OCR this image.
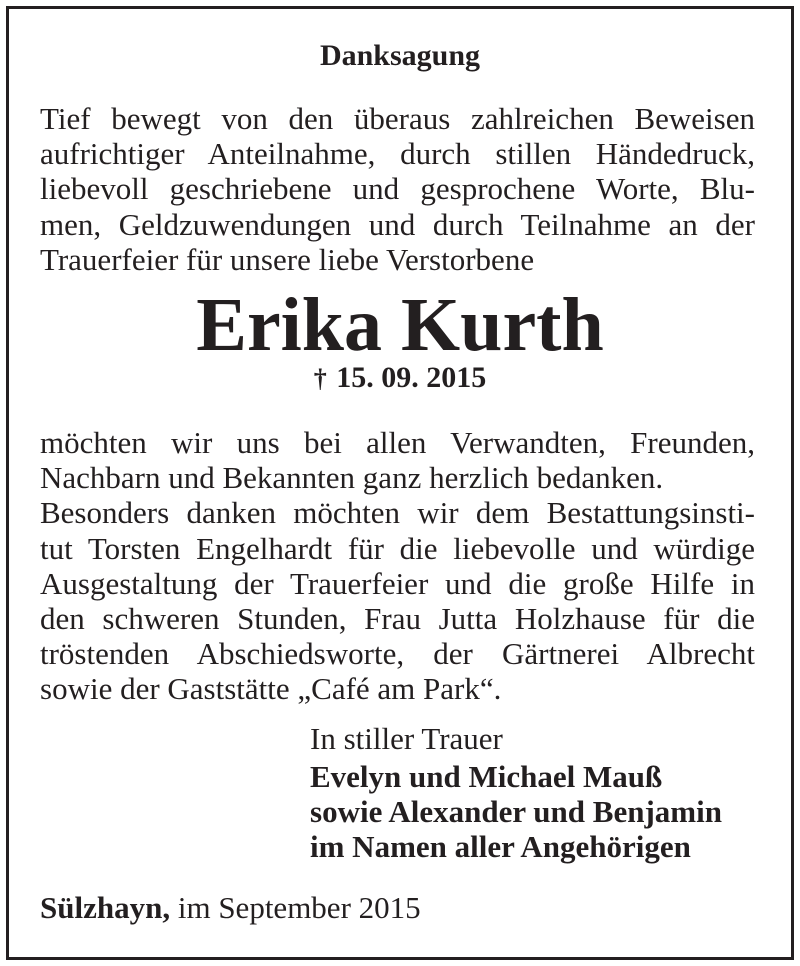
Danksagung

Tief bewegt von den überaus zahlreichen Beweisen
aufrichtiger Anteilnahme, durch stillen Händedruck,
liebevoll geschriebene und gesprochene Worte, Blu-
men, Geldzuwendungen und durch Teilnahme an der
Trauerfeier für unsere liebe Verstorbene

Erika Kurth

† 15. 09. 2015

möchten wir uns bei allen Verwandten, Freunden,
Nachbarn und Bekannten ganz herzlich bedanken.
Besonders danken möchten wir dem Bestattungsinsti-
tut Torsten Engelhardt für die liebevolle und würdige
Ausgestaltung der Trauerfeier und die große Hilfe in
den schweren Stunden, Frau Jutta Holzhause für die
tröstenden Abschiedsworte, der Gärtnerei Albrecht
sowie der Gaststätte „Café am Park“.

In stiller Trauer

Evelyn und Michael Mauß
sowie Alexander und Benjamin
im Namen aller Angehörigen

Sülzhayn, im September 2015
